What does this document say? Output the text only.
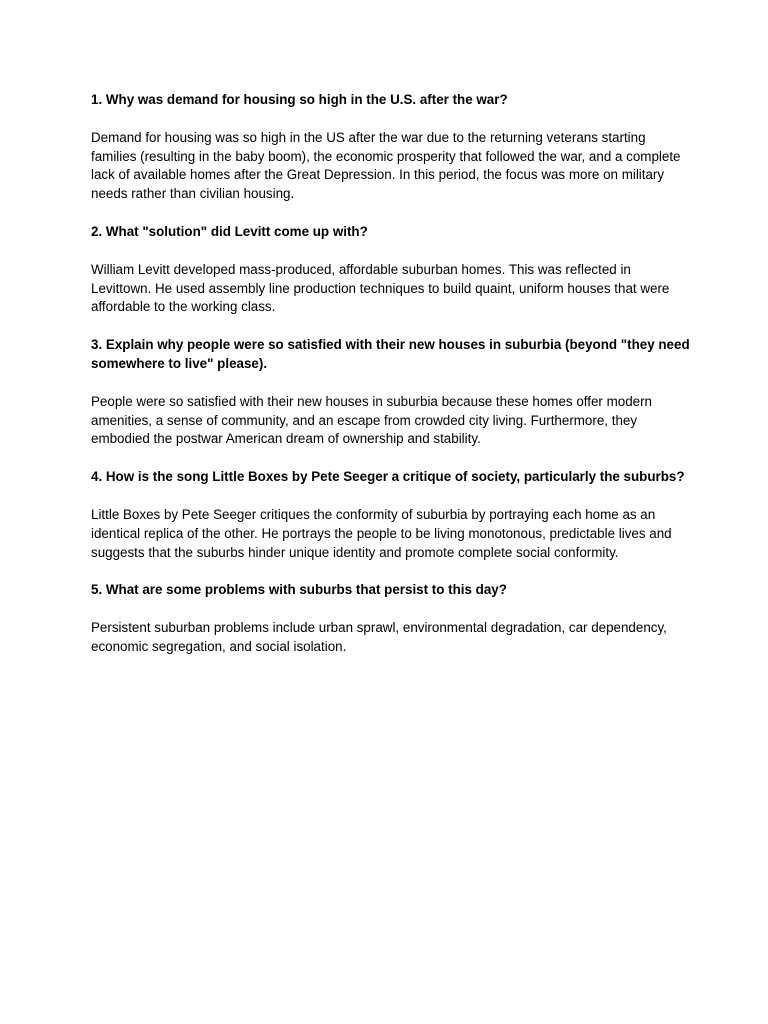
1. Why was demand for housing so high in the U.S. after the war?

Demand for housing was so high in the US after the war due to the returning veterans starting families (resulting in the baby boom), the economic prosperity that followed the war, and a complete lack of available homes after the Great Depression. In this period, the focus was more on military needs rather than civilian housing.

2. What "solution" did Levitt come up with?

William Levitt developed mass-produced, affordable suburban homes. This was reflected in Levittown. He used assembly line production techniques to build quaint, uniform houses that were affordable to the working class.

3. Explain why people were so satisfied with their new houses in suburbia (beyond "they need somewhere to live" please).

People were so satisfied with their new houses in suburbia because these homes offer modern amenities, a sense of community, and an escape from crowded city living. Furthermore, they embodied the postwar American dream of ownership and stability.

4. How is the song Little Boxes by Pete Seeger a critique of society, particularly the suburbs?

Little Boxes by Pete Seeger critiques the conformity of suburbia by portraying each home as an identical replica of the other. He portrays the people to be living monotonous, predictable lives and suggests that the suburbs hinder unique identity and promote complete social conformity.

5. What are some problems with suburbs that persist to this day?

Persistent suburban problems include urban sprawl, environmental degradation, car dependency, economic segregation, and social isolation.
